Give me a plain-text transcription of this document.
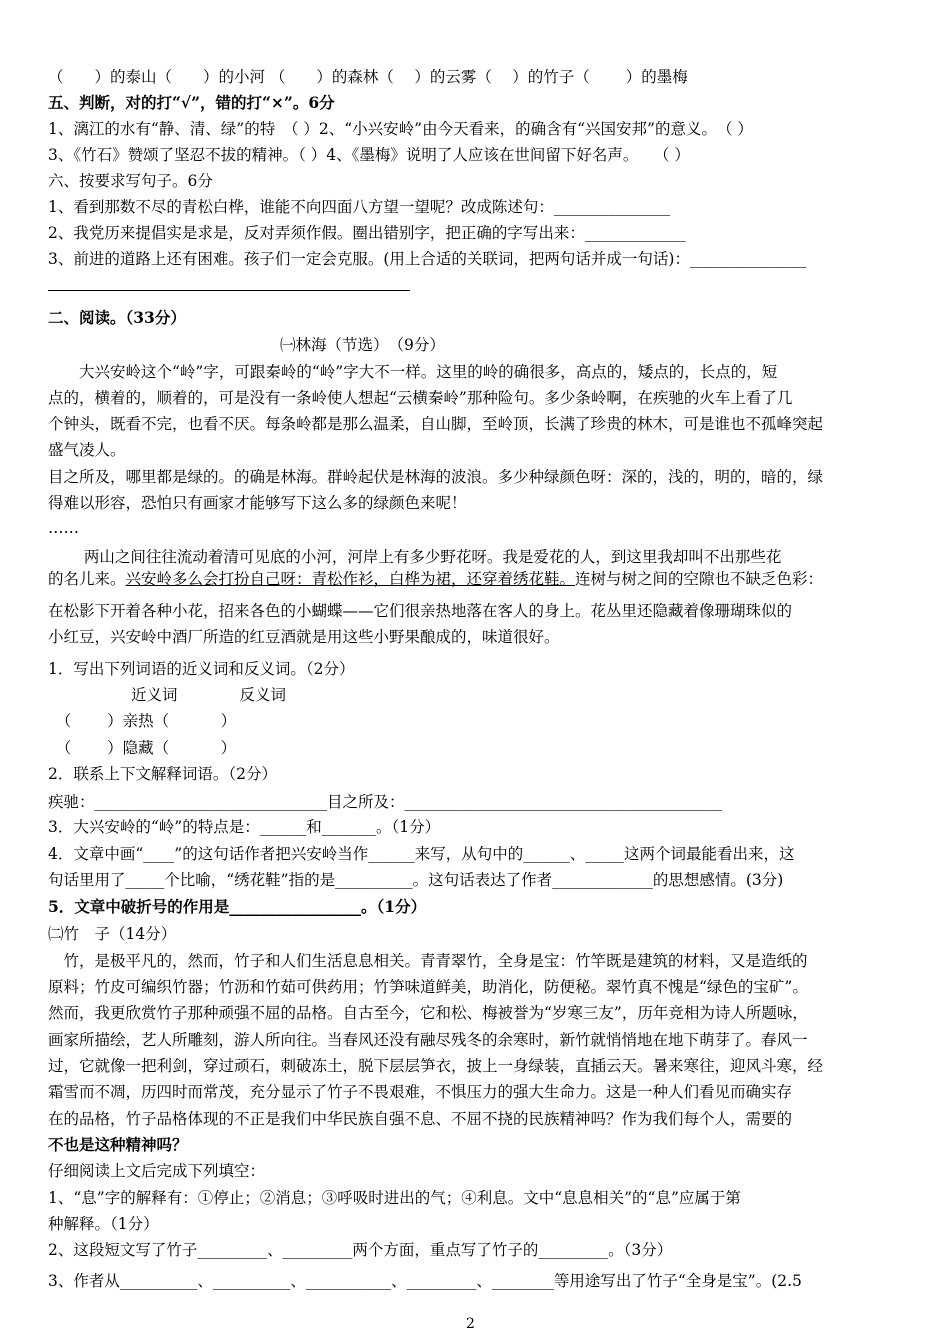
（　　）的泰山（　　）的小河 （　　）的森林（　 ）的云雾（　 ）的竹子（　　 ）的墨梅
五、判断，对的打“√”，错的打“×”。6分
1、漓江的水有“静、清、绿”的特　（ ）2、“小兴安岭”由今天看来，的确含有“兴国安邦”的意义。　（ ）
3、《竹石》赞颂了坚忍不拔的精神。（ ）4、《墨梅》说明了人应该在世间留下好名声。　　（ ）
六、按要求写句子。6分
1、看到那数不尽的青松白桦，谁能不向四面八方望一望呢？改成陈述句：_______________
2、我党历来提倡实是求是，反对弄须作假。圈出错别字，把正确的字写出来：_____________
3、前进的道路上还有困难。孩子们一定会克服。(用上合适的关联词，把两句话并成一句话)：_______________
二、阅读。（33分）
㈠林海（节选）　（9分）
　　大兴安岭这个“岭”字，可跟秦岭的“岭”字大不一样。这里的岭的确很多，高点的，矮点的，长点的，短
点的，横着的，顺着的，可是没有一条岭使人想起“云横秦岭”那种险句。多少条岭啊，在疾驰的火车上看了几
个钟头，既看不完，也看不厌。每条岭都是那么温柔，自山脚，至岭顶，长满了珍贵的林木，可是谁也不孤峰突起
盛气凌人。
目之所及，哪里都是绿的。的确是林海。群岭起伏是林海的波浪。多少种绿颜色呀：深的，浅的，明的，暗的，绿
得难以形容，恐怕只有画家才能够写下这么多的绿颜色来呢！
……
　　 两山之间往往流动着清可见底的小河，河岸上有多少野花呀。我是爱花的人，到这里我却叫不出那些花
在松影下开着各种小花，招来各色的小蝴蝶——它们很亲热地落在客人的身上。花丛里还隐藏着像珊瑚珠似的
小红豆，兴安岭中酒厂所造的红豆酒就是用这些小野果酿成的，味道很好。
1．写出下列词语的近义词和反义词。（2分）
　　近义词　　　　反义词
　（　　 ）亲热（　　　 ）
　（　　 ）隐藏（　　　 ）
2．联系上下文解释词语。（2分）
疾驰：______________________________目之所及：_________________________________________
3．大兴安岭的“岭”的特点是：______和_______。（1分）
4．文章中画“____”的这句话作者把兴安岭当作______来写，从句中的______、_____这两个词最能看出来，这
句话里用了_____个比喻，“绣花鞋”指的是__________。这句话表达了作者_____________的思想感情。(3分)
5．文章中破折号的作用是_________________。（1分）
㈡竹　子（14分）
　竹，是极平凡的，然而，竹子和人们生活息息相关。青青翠竹，全身是宝：竹竿既是建筑的材料，又是造纸的
原料；竹皮可编织竹器；竹沥和竹茹可供药用；竹笋味道鲜美，助消化，防便秘。翠竹真不愧是“绿色的宝矿”。
然而，我更欣赏竹子那种顽强不屈的品格。自古至今，它和松、梅被誉为“岁寒三友”，历年竞相为诗人所题咏，
画家所描绘，艺人所雕刻，游人所向往。当春风还没有融尽残冬的余寒时，新竹就悄悄地在地下萌芽了。春风一
过，它就像一把利剑，穿过顽石，刺破冻土，脱下层层笋衣，披上一身绿装，直插云天。暑来寒往，迎风斗寒，经
霜雪而不凋，历四时而常茂，充分显示了竹子不畏艰难，不惧压力的强大生命力。这是一种人们看见而确实存
在的品格，竹子品格体现的不正是我们中华民族自强不息、不屈不挠的民族精神吗？作为我们每个人，需要的
不也是这种精神吗？
仔细阅读上文后完成下列填空：
1、“息”字的解释有：①停止；②消息；③呼吸时进出的气；④利息。文中“息息相关”的“息”应属于第
种解释。（1分）
2、这段短文写了竹子_________、_________两个方面，重点写了竹子的_________。（3分）
3、作者从__________、__________、___________、_________、________等用途写出了竹子“全身是宝”。(2.5
的名儿来。兴安岭多么会打扮自己呀：青松作衫，白桦为裙，还穿着绣花鞋。连树与树之间的空隙也不缺乏色彩：
2
